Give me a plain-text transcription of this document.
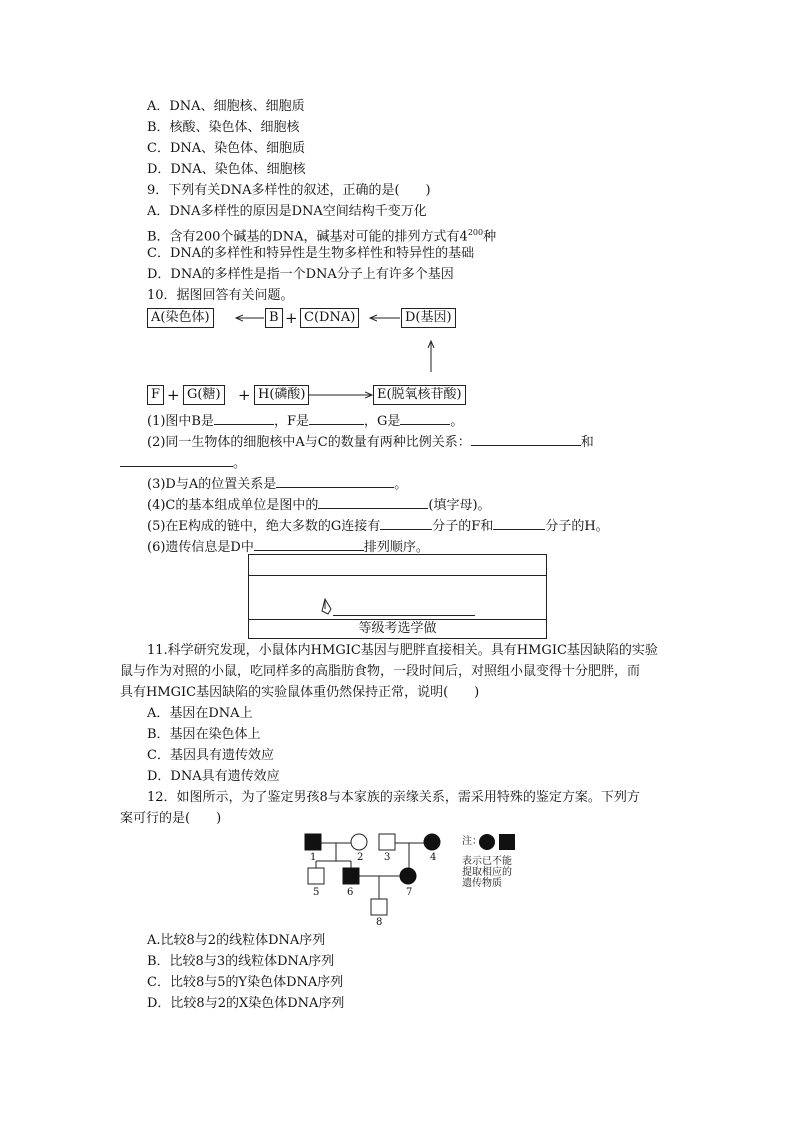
A．DNA、细胞核、细胞质
B．核酸、染色体、细胞核
C．DNA、染色体、细胞质
D．DNA、染色体、细胞核
9．下列有关DNA多样性的叙述，正确的是(　　)
A．DNA多样性的原因是DNA空间结构千变万化
B．含有200个碱基的DNA，碱基对可能的排列方式有$4^{200}$种
C．DNA的多样性和特异性是生物多样性和特异性的基础
D．DNA的多样性是指一个DNA分子上有许多个基因
10．据图回答有关问题。
A(染色体)	B + C(DNA)	D(基因)
F + G(糖) + H(磷酸)	E(脱氧核苷酸)
(1)图中B是	，F是	，G是	。
(2)同一生物体的细胞核中A与C的数量有两种比例关系：	和
。
(3)D与A的位置关系是	。
(4)C的基本组成单位是图中的	(填字母)。
(5)在E构成的链中，绝大多数的G连接有	分子的F和	分子的H。
(6)遗传信息是D中	排列顺序。
等级考选学做
11.科学研究发现，小鼠体内HMGIC基因与肥胖直接相关。具有HMGIC基因缺陷的实验
鼠与作为对照的小鼠，吃同样多的高脂肪食物，一段时间后，对照组小鼠变得十分肥胖，而
具有HMGIC基因缺陷的实验鼠体重仍然保持正常，说明(　　)
A．基因在DNA上
B．基因在染色体上
C．基因具有遗传效应
D．DNA具有遗传效应
12．如图所示，为了鉴定男孩8与本家族的亲缘关系，需采用特殊的鉴定方案。下列方
案可行的是(　　)
1	2 3	4
5	6	7
8
注：
表示已不能
提取相应的
遗传物质
A.比较8与2的线粒体DNA序列
B．比较8与3的线粒体DNA序列
C．比较8与5的Y染色体DNA序列
D．比较8与2的X染色体DNA序列
